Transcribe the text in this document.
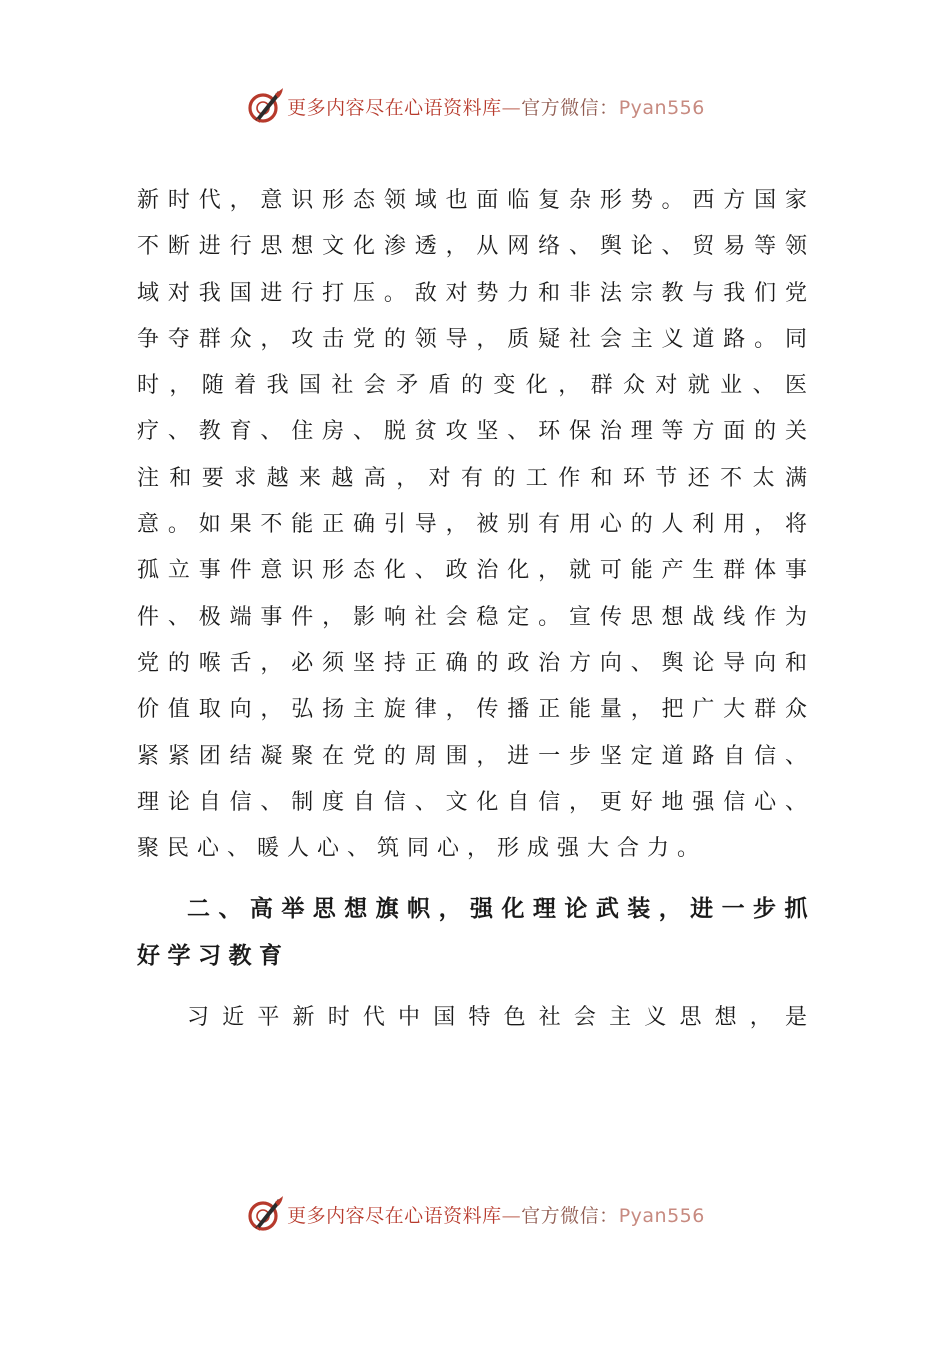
更多内容尽在心语资料库—官方微信：Pyan556

新时代，意识形态领域也面临复杂形势。西方国家不断进行思想文化渗透，从网络、舆论、贸易等领域对我国进行打压。敌对势力和非法宗教与我们党争夺群众，攻击党的领导，质疑社会主义道路。同时，随着我国社会矛盾的变化，群众对就业、医疗、教育、住房、脱贫攻坚、环保治理等方面的关注和要求越来越高，对有的工作和环节还不太满意。如果不能正确引导，被别有用心的人利用，将孤立事件意识形态化、政治化，就可能产生群体事件、极端事件，影响社会稳定。宣传思想战线作为党的喉舌，必须坚持正确的政治方向、舆论导向和价值取向，弘扬主旋律，传播正能量，把广大群众紧紧团结凝聚在党的周围，进一步坚定道路自信、理论自信、制度自信、文化自信，更好地强信心、聚民心、暖人心、筑同心，形成强大合力。

二、高举思想旗帜，强化理论武装，进一步抓好学习教育

习近平新时代中国特色社会主义思想，是

更多内容尽在心语资料库—官方微信：Pyan556
